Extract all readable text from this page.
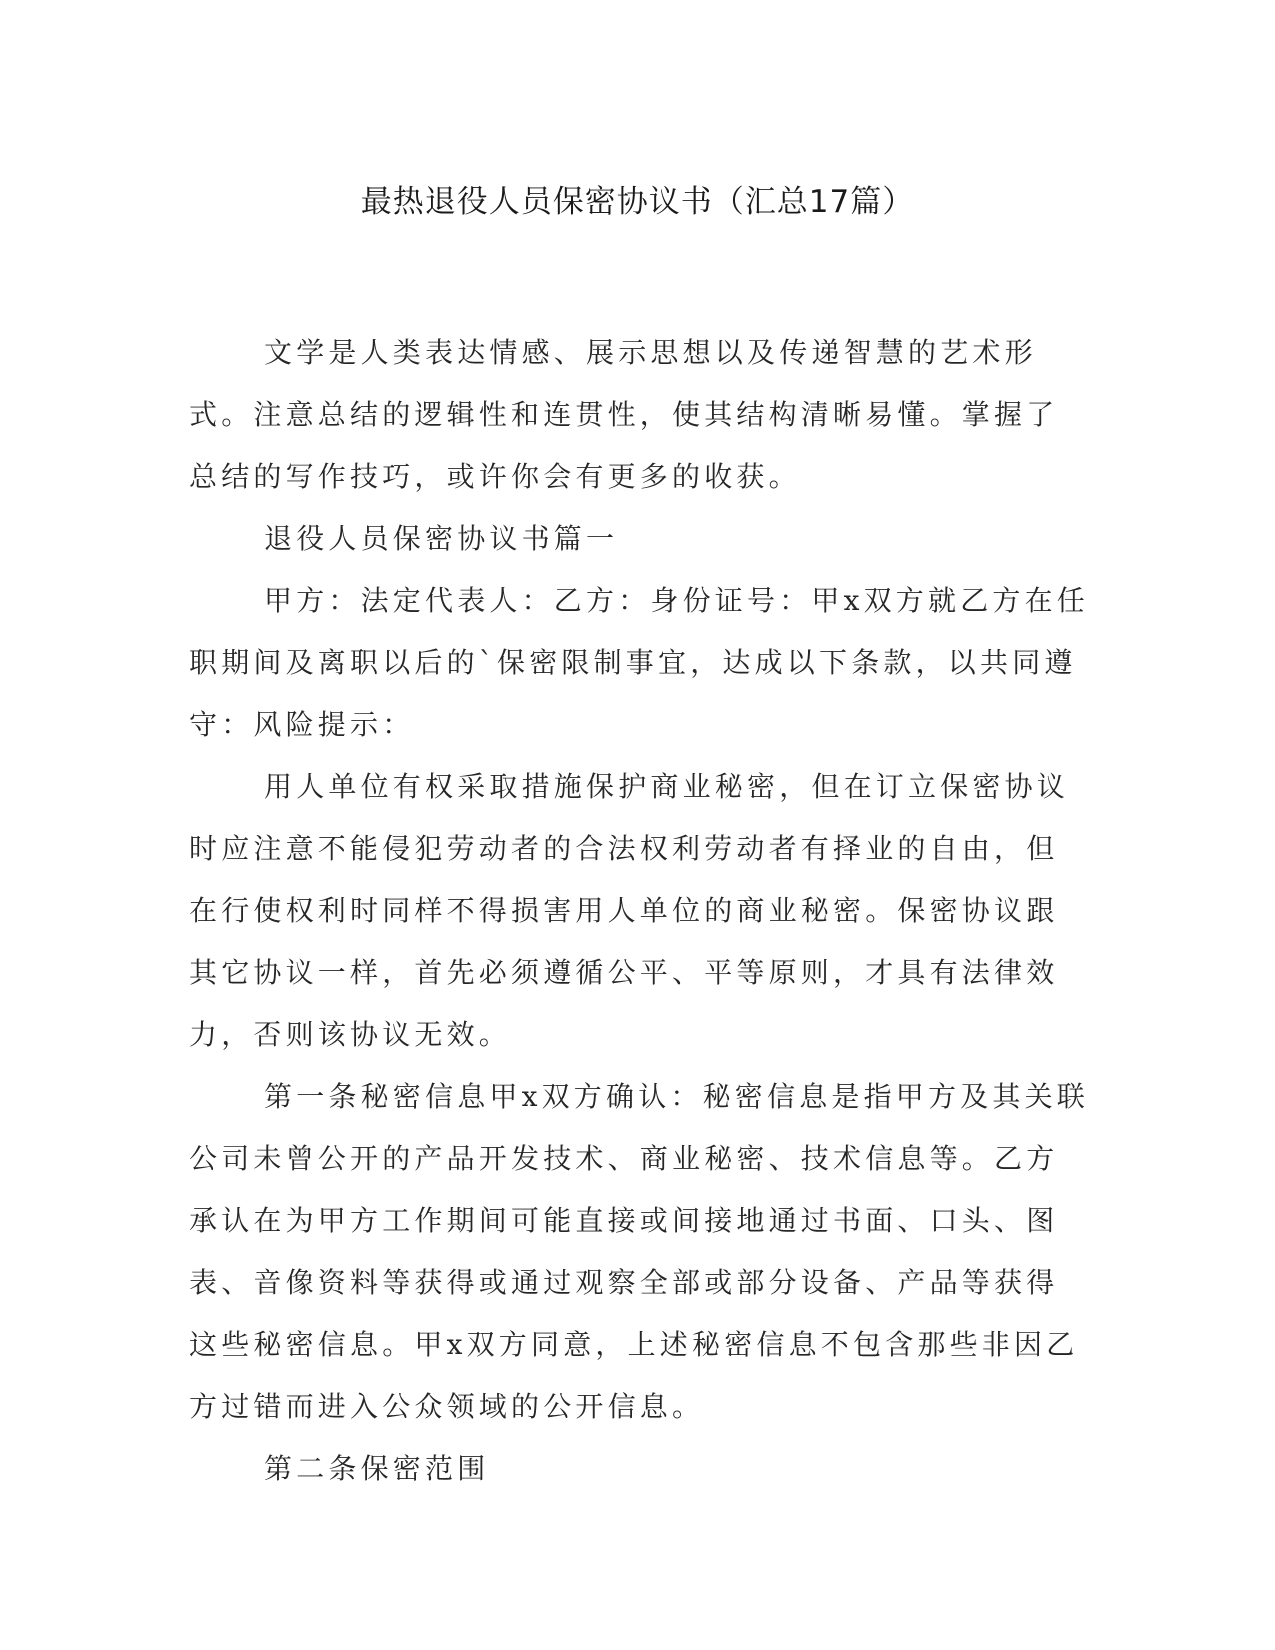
最热退役人员保密协议书（汇总17篇）

文学是人类表达情感、展示思想以及传递智慧的艺术形式。注意总结的逻辑性和连贯性，使其结构清晰易懂。掌握了总结的写作技巧，或许你会有更多的收获。

退役人员保密协议书篇一

甲方：法定代表人：乙方：身份证号：甲x双方就乙方在任职期间及离职以后的`保密限制事宜，达成以下条款，以共同遵守：风险提示：

用人单位有权采取措施保护商业秘密，但在订立保密协议时应注意不能侵犯劳动者的合法权利劳动者有择业的自由，但在行使权利时同样不得损害用人单位的商业秘密。保密协议跟其它协议一样，首先必须遵循公平、平等原则，才具有法律效力，否则该协议无效。

第一条秘密信息甲x双方确认：秘密信息是指甲方及其关联公司未曾公开的产品开发技术、商业秘密、技术信息等。乙方承认在为甲方工作期间可能直接或间接地通过书面、口头、图表、音像资料等获得或通过观察全部或部分设备、产品等获得这些秘密信息。甲x双方同意，上述秘密信息不包含那些非因乙方过错而进入公众领域的公开信息。

第二条保密范围
